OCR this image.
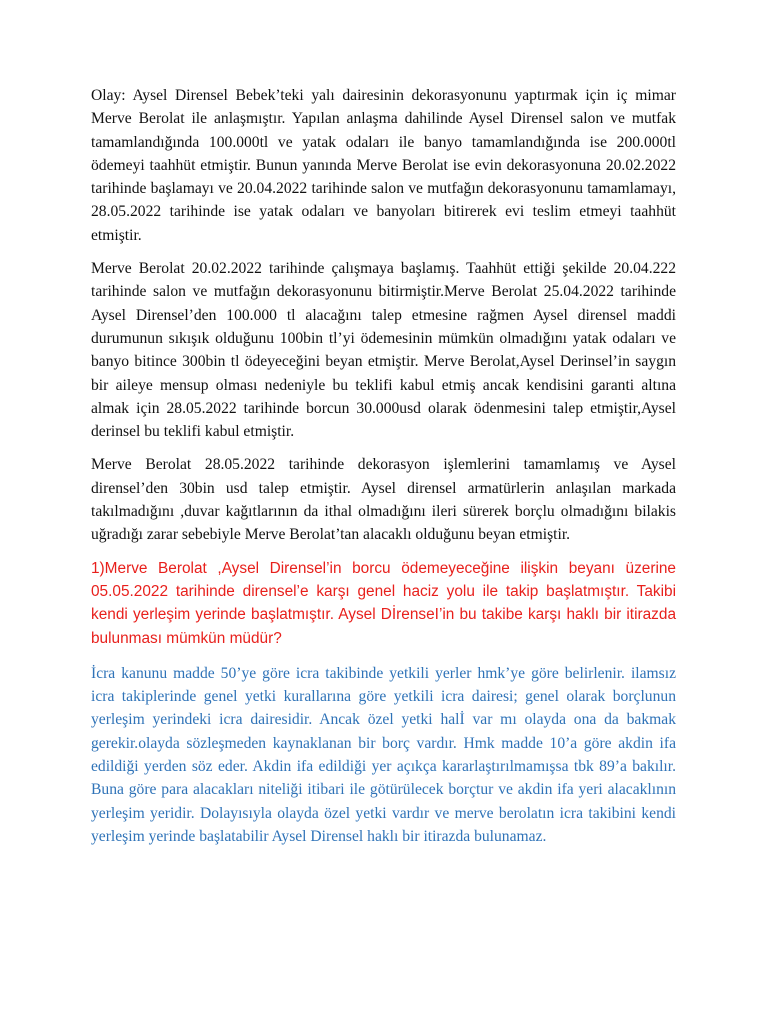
Olay: Aysel Dirensel Bebek’teki yalı dairesinin dekorasyonunu yaptırmak için iç mimar Merve Berolat ile anlaşmıştır. Yapılan anlaşma dahilinde Aysel Dirensel salon ve mutfak tamamlandığında 100.000tl ve yatak odaları ile banyo tamamlandığında ise 200.000tl ödemeyi taahhüt etmiştir. Bunun yanında Merve Berolat ise evin dekorasyonuna 20.02.2022 tarihinde başlamayı ve 20.04.2022 tarihinde salon ve mutfağın dekorasyonunu tamamlamayı, 28.05.2022 tarihinde ise yatak odaları ve banyoları bitirerek evi teslim etmeyi taahhüt etmiştir.

Merve Berolat 20.02.2022 tarihinde çalışmaya başlamış. Taahhüt ettiği şekilde 20.04.222 tarihinde salon ve mutfağın dekorasyonunu bitirmiştir.Merve Berolat 25.04.2022 tarihinde Aysel Dirensel’den 100.000 tl alacağını talep etmesine rağmen Aysel dirensel maddi durumunun sıkışık olduğunu 100bin tl’yi ödemesinin mümkün olmadığını yatak odaları ve banyo bitince 300bin tl ödeyeceğini beyan etmiştir. Merve Berolat,Aysel Derinsel’in saygın bir aileye mensup olması nedeniyle bu teklifi kabul etmiş ancak kendisini garanti altına almak için 28.05.2022 tarihinde borcun 30.000usd olarak ödenmesini talep etmiştir,Aysel derinsel bu teklifi kabul etmiştir.

Merve Berolat 28.05.2022 tarihinde dekorasyon işlemlerini tamamlamış ve Aysel dirensel’den 30bin usd talep etmiştir. Aysel dirensel armatürlerin anlaşılan markada takılmadığını ,duvar kağıtlarının da ithal olmadığını ileri sürerek borçlu olmadığını bilakis uğradığı zarar sebebiyle Merve Berolat’tan alacaklı olduğunu beyan etmiştir.

1)Merve Berolat ,Aysel Dirensel’in borcu ödemeyeceğine ilişkin beyanı üzerine 05.05.2022 tarihinde dirensel’e karşı genel haciz yolu ile takip başlatmıştır. Takibi kendi yerleşim yerinde başlatmıştır. Aysel DİrenseI’in bu takibe karşı haklı bir itirazda bulunması mümkün müdür?

İcra kanunu madde 50’ye göre icra takibinde yetkili yerler hmk’ye göre belirlenir. ilamsız icra takiplerinde genel yetki kurallarına göre yetkili icra dairesi; genel olarak borçlunun yerleşim yerindeki icra dairesidir. Ancak özel yetki halİ var mı olayda ona da bakmak gerekir.olayda sözleşmeden kaynaklanan bir borç vardır. Hmk madde 10’a göre akdin ifa edildiği yerden söz eder. Akdin ifa edildiği yer açıkça kararlaştırılmamışsa tbk 89’a bakılır. Buna göre para alacakları niteliği itibari ile götürülecek borçtur ve akdin ifa yeri alacaklının yerleşim yeridir. Dolayısıyla olayda özel yetki vardır ve merve berolatın icra takibini kendi yerleşim yerinde başlatabilir Aysel Dirensel haklı bir itirazda bulunamaz.
